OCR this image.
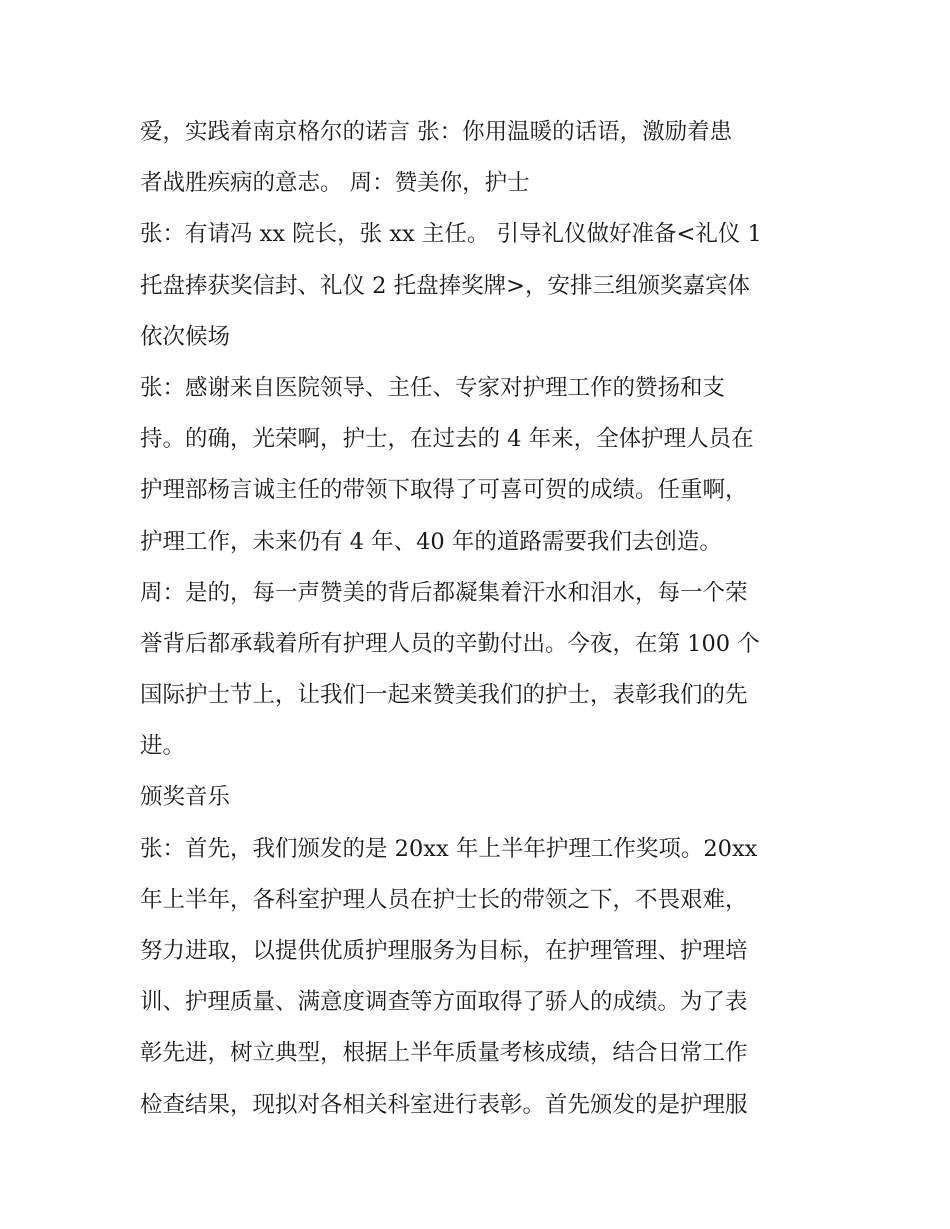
爱，实践着南京格尔的诺言 张：你用温暖的话语，激励着患
者战胜疾病的意志。 周：赞美你，护士
张：有请冯 xx 院长，张 xx 主任。 引导礼仪做好准备<礼仪 1
托盘捧获奖信封、礼仪 2 托盘捧奖牌>，安排三组颁奖嘉宾体
依次候场
张：感谢来自医院领导、主任、专家对护理工作的赞扬和支
持。的确，光荣啊，护士，在过去的 4 年来，全体护理人员在
护理部杨言诚主任的带领下取得了可喜可贺的成绩。任重啊，
护理工作，未来仍有 4 年、40 年的道路需要我们去创造。
周：是的，每一声赞美的背后都凝集着汗水和泪水，每一个荣
誉背后都承载着所有护理人员的辛勤付出。今夜，在第 100 个
国际护士节上，让我们一起来赞美我们的护士，表彰我们的先
进。
颁奖音乐
张：首先，我们颁发的是 20xx 年上半年护理工作奖项。20xx
年上半年，各科室护理人员在护士长的带领之下，不畏艰难，
努力进取，以提供优质护理服务为目标，在护理管理、护理培
训、护理质量、满意度调查等方面取得了骄人的成绩。为了表
彰先进，树立典型，根据上半年质量考核成绩，结合日常工作
检查结果，现拟对各相关科室进行表彰。首先颁发的是护理服
